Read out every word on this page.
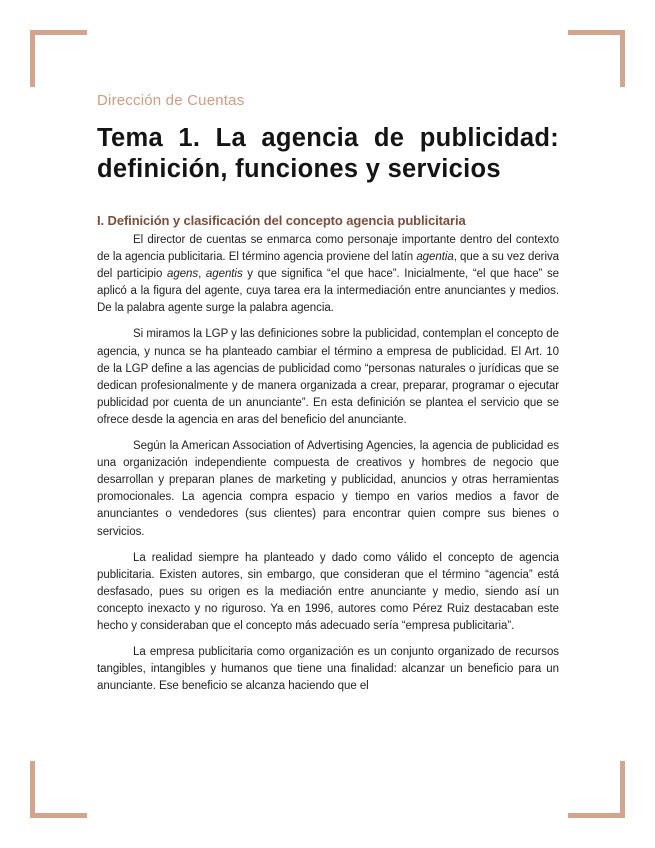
Dirección de Cuentas

Tema 1. La agencia de publicidad: definición, funciones y servicios
I. Definición y clasificación del concepto agencia publicitaria

El director de cuentas se enmarca como personaje importante dentro del contexto de la agencia publicitaria. El término agencia proviene del latín agentia, que a su vez deriva del participio agens, agentis y que significa “el que hace”. Inicialmente, “el que hace” se aplicó a la figura del agente, cuya tarea era la intermediación entre anunciantes y medios. De la palabra agente surge la palabra agencia.

Si miramos la LGP y las definiciones sobre la publicidad, contemplan el concepto de agencia, y nunca se ha planteado cambiar el término a empresa de publicidad. El Art. 10 de la LGP define a las agencias de publicidad como “personas naturales o jurídicas que se dedican profesionalmente y de manera organizada a crear, preparar, programar o ejecutar publicidad por cuenta de un anunciante”. En esta definición se plantea el servicio que se ofrece desde la agencia en aras del beneficio del anunciante.

Según la American Association of Advertising Agencies, la agencia de publicidad es una organización independiente compuesta de creativos y hombres de negocio que desarrollan y preparan planes de marketing y publicidad, anuncios y otras herramientas promocionales. La agencia compra espacio y tiempo en varios medios a favor de anunciantes o vendedores (sus clientes) para encontrar quien compre sus bienes o servicios.

La realidad siempre ha planteado y dado como válido el concepto de agencia publicitaria. Existen autores, sin embargo, que consideran que el término “agencia” está desfasado, pues su origen es la mediación entre anunciante y medio, siendo así un concepto inexacto y no riguroso. Ya en 1996, autores como Pérez Ruiz destacaban este hecho y consideraban que el concepto más adecuado sería “empresa publicitaria”.

La empresa publicitaria como organización es un conjunto organizado de recursos tangibles, intangibles y humanos que tiene una finalidad: alcanzar un beneficio para un anunciante. Ese beneficio se alcanza haciendo que el
